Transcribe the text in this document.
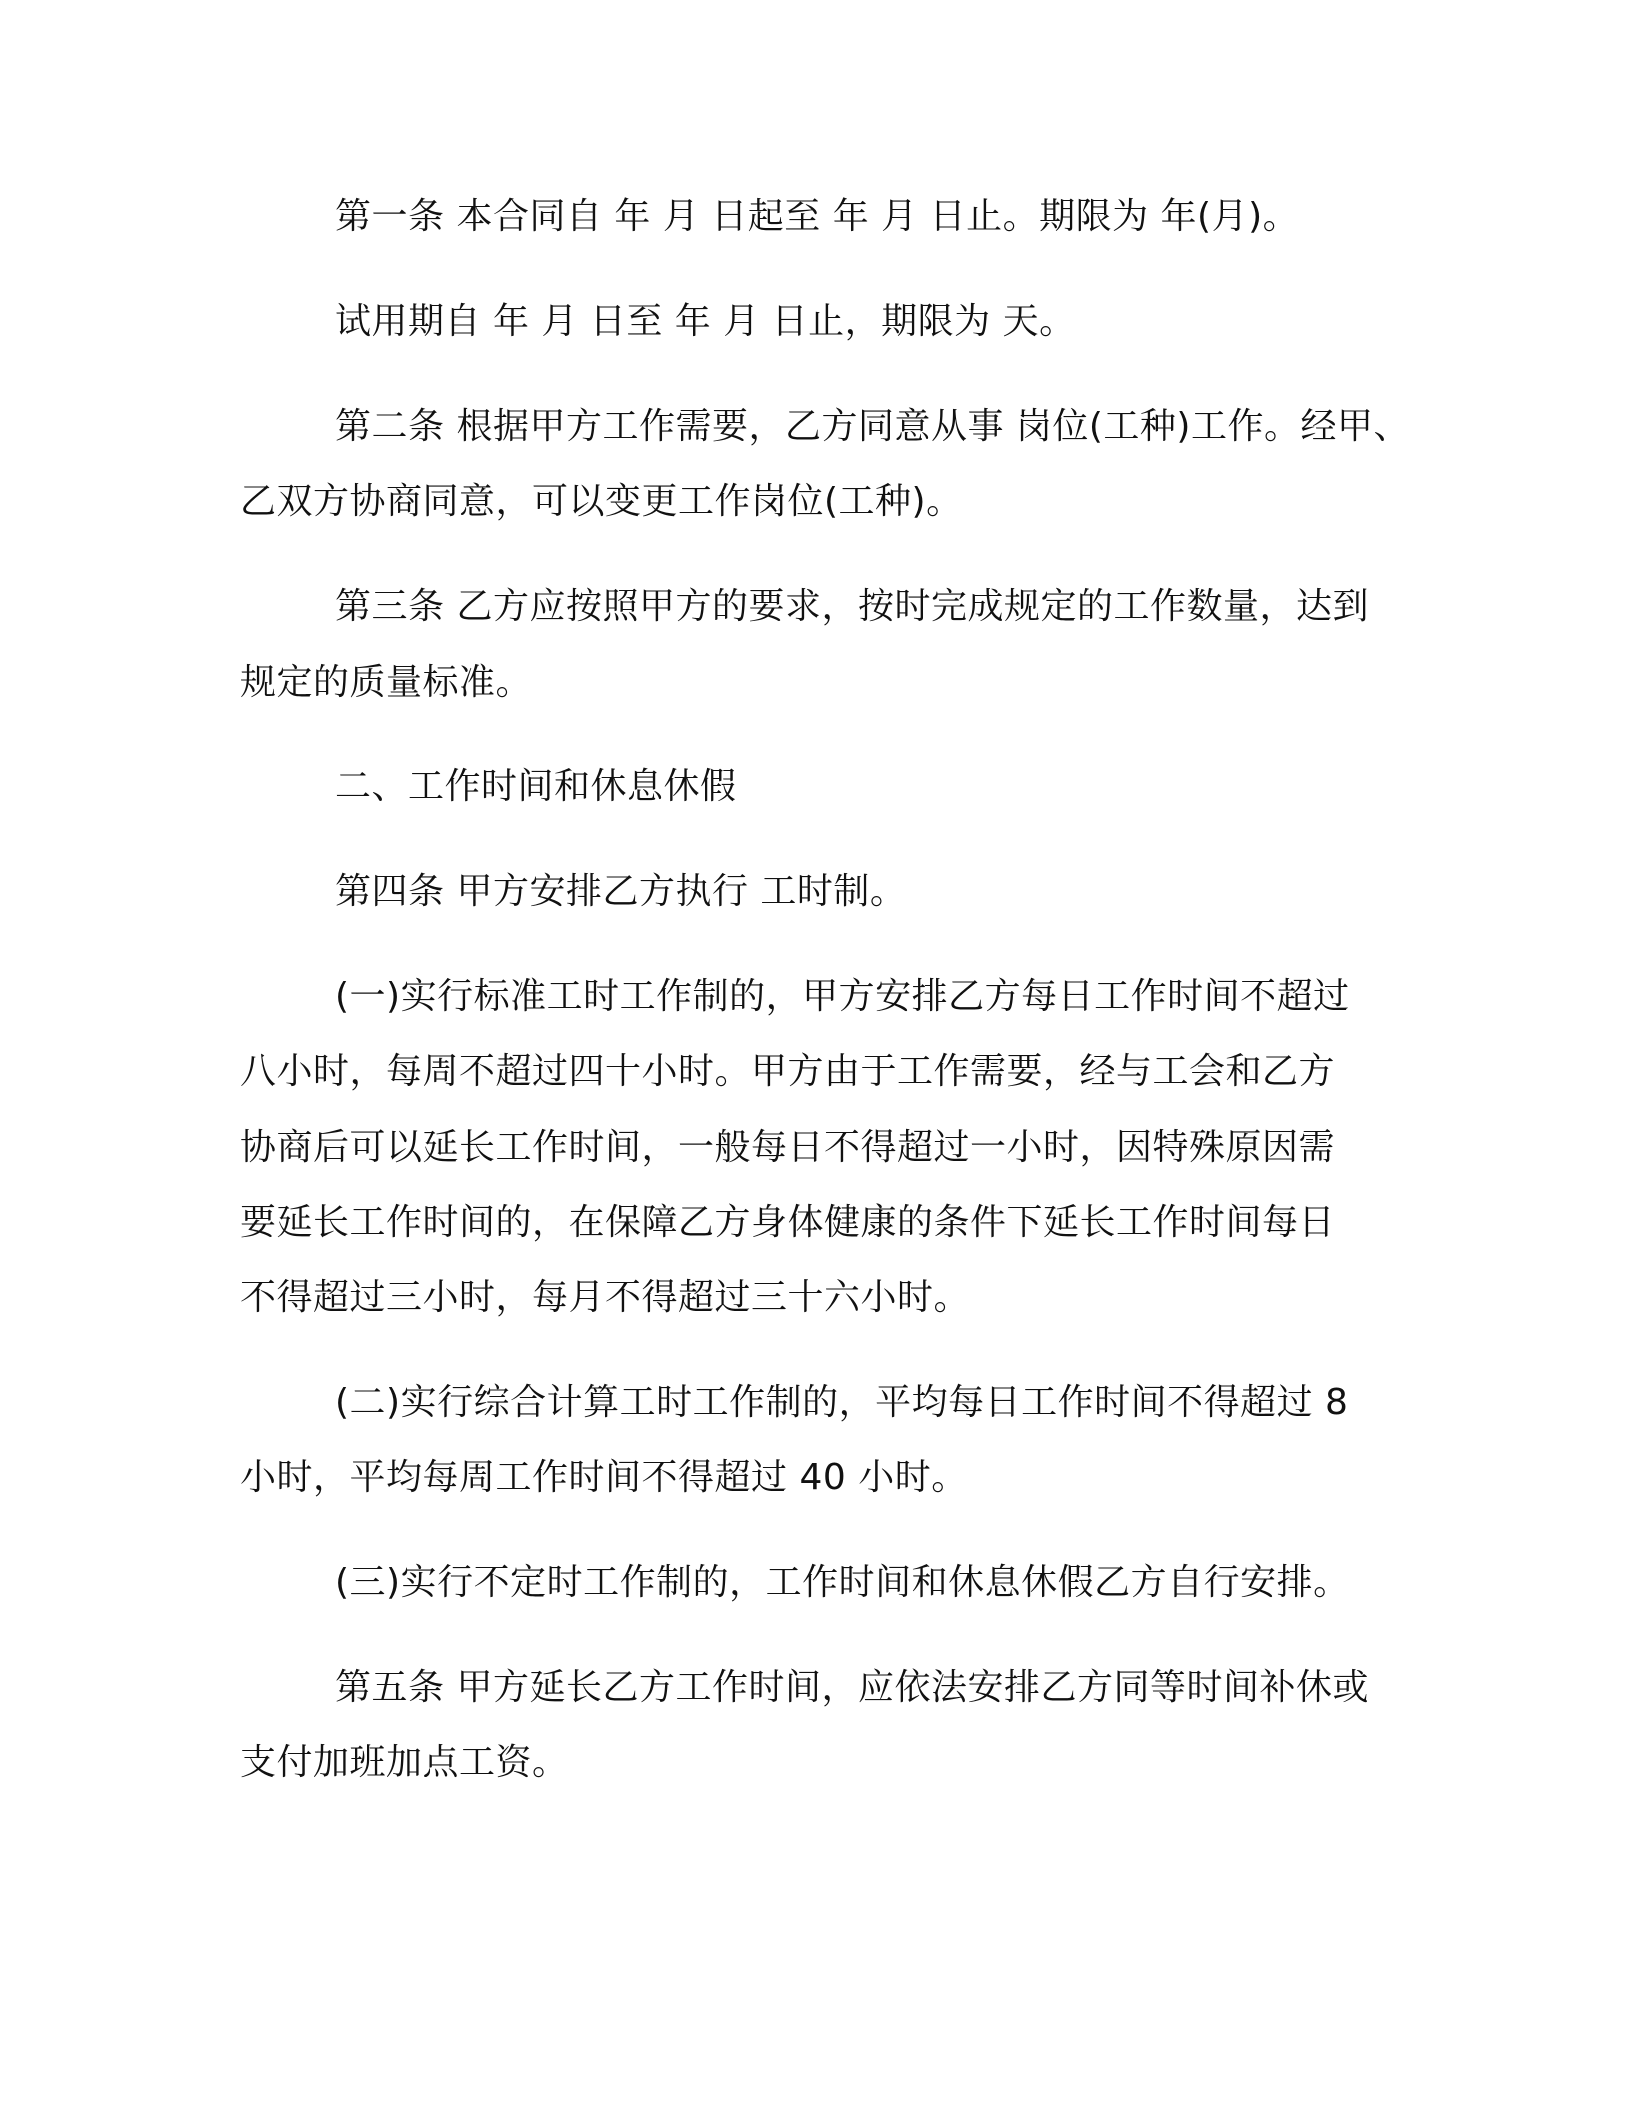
第一条 本合同自 年 月 日起至 年 月 日止。期限为 年(月)。
试用期自 年 月 日至 年 月 日止，期限为 天。
第二条 根据甲方工作需要，乙方同意从事 岗位(工种)工作。经甲、
乙双方协商同意，可以变更工作岗位(工种)。
第三条 乙方应按照甲方的要求，按时完成规定的工作数量，达到
规定的质量标准。
二、工作时间和休息休假
第四条 甲方安排乙方执行 工时制。
(一)实行标准工时工作制的，甲方安排乙方每日工作时间不超过
八小时，每周不超过四十小时。甲方由于工作需要，经与工会和乙方
协商后可以延长工作时间，一般每日不得超过一小时，因特殊原因需
要延长工作时间的，在保障乙方身体健康的条件下延长工作时间每日
不得超过三小时，每月不得超过三十六小时。
(二)实行综合计算工时工作制的，平均每日工作时间不得超过 8
小时，平均每周工作时间不得超过 40 小时。
(三)实行不定时工作制的，工作时间和休息休假乙方自行安排。
第五条 甲方延长乙方工作时间，应依法安排乙方同等时间补休或
支付加班加点工资。
